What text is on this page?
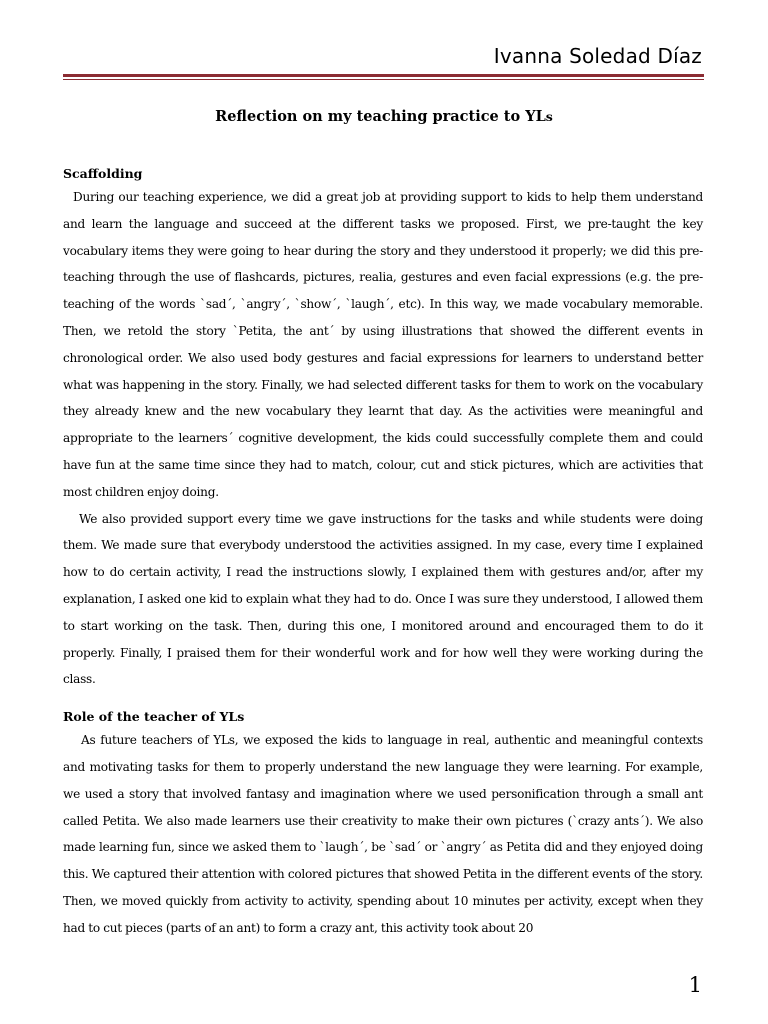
Ivanna Soledad Díaz
Reflection on my teaching practice to YLs

Scaffolding

During our teaching experience, we did a great job at providing support to kids to help them understand and learn the language and succeed at the different tasks we proposed. First, we pre-taught the key vocabulary items they were going to hear during the story and they understood it properly; we did this pre-teaching through the use of flashcards, pictures, realia, gestures and even facial expressions (e.g. the pre-teaching of the words `sad´, `angry´, `show´, `laugh´, etc). In this way, we made vocabulary memorable. Then, we retold the story `Petita, the ant´ by using illustrations that showed the different events in chronological order. We also used body gestures and facial expressions for learners to understand better what was happening in the story. Finally, we had selected different tasks for them to work on the vocabulary they already knew and the new vocabulary they learnt that day. As the activities were meaningful and appropriate to the learners´ cognitive development, the kids could successfully complete them and could have fun at the same time since they had to match, colour, cut and stick pictures, which are activities that most children enjoy doing.

We also provided support every time we gave instructions for the tasks and while students were doing them. We made sure that everybody understood the activities assigned. In my case, every time I explained how to do certain activity, I read the instructions slowly, I explained them with gestures and/or, after my explanation, I asked one kid to explain what they had to do. Once I was sure they understood, I allowed them to start working on the task. Then, during this one, I monitored around and encouraged them to do it properly. Finally, I praised them for their wonderful work and for how well they were working during the class.

Role of the teacher of YLs

As future teachers of YLs, we exposed the kids to language in real, authentic and meaningful contexts and motivating tasks for them to properly understand the new language they were learning. For example, we used a story that involved fantasy and imagination where we used personification through a small ant called Petita. We also made learners use their creativity to make their own pictures (`crazy ants´). We also made learning fun, since we asked them to `laugh´, be `sad´ or `angry´ as Petita did and they enjoyed doing this. We captured their attention with colored pictures that showed Petita in the different events of the story. Then, we moved quickly from activity to activity, spending about 10 minutes per activity, except when they had to cut pieces (parts of an ant) to form a crazy ant, this activity took about 20

1
